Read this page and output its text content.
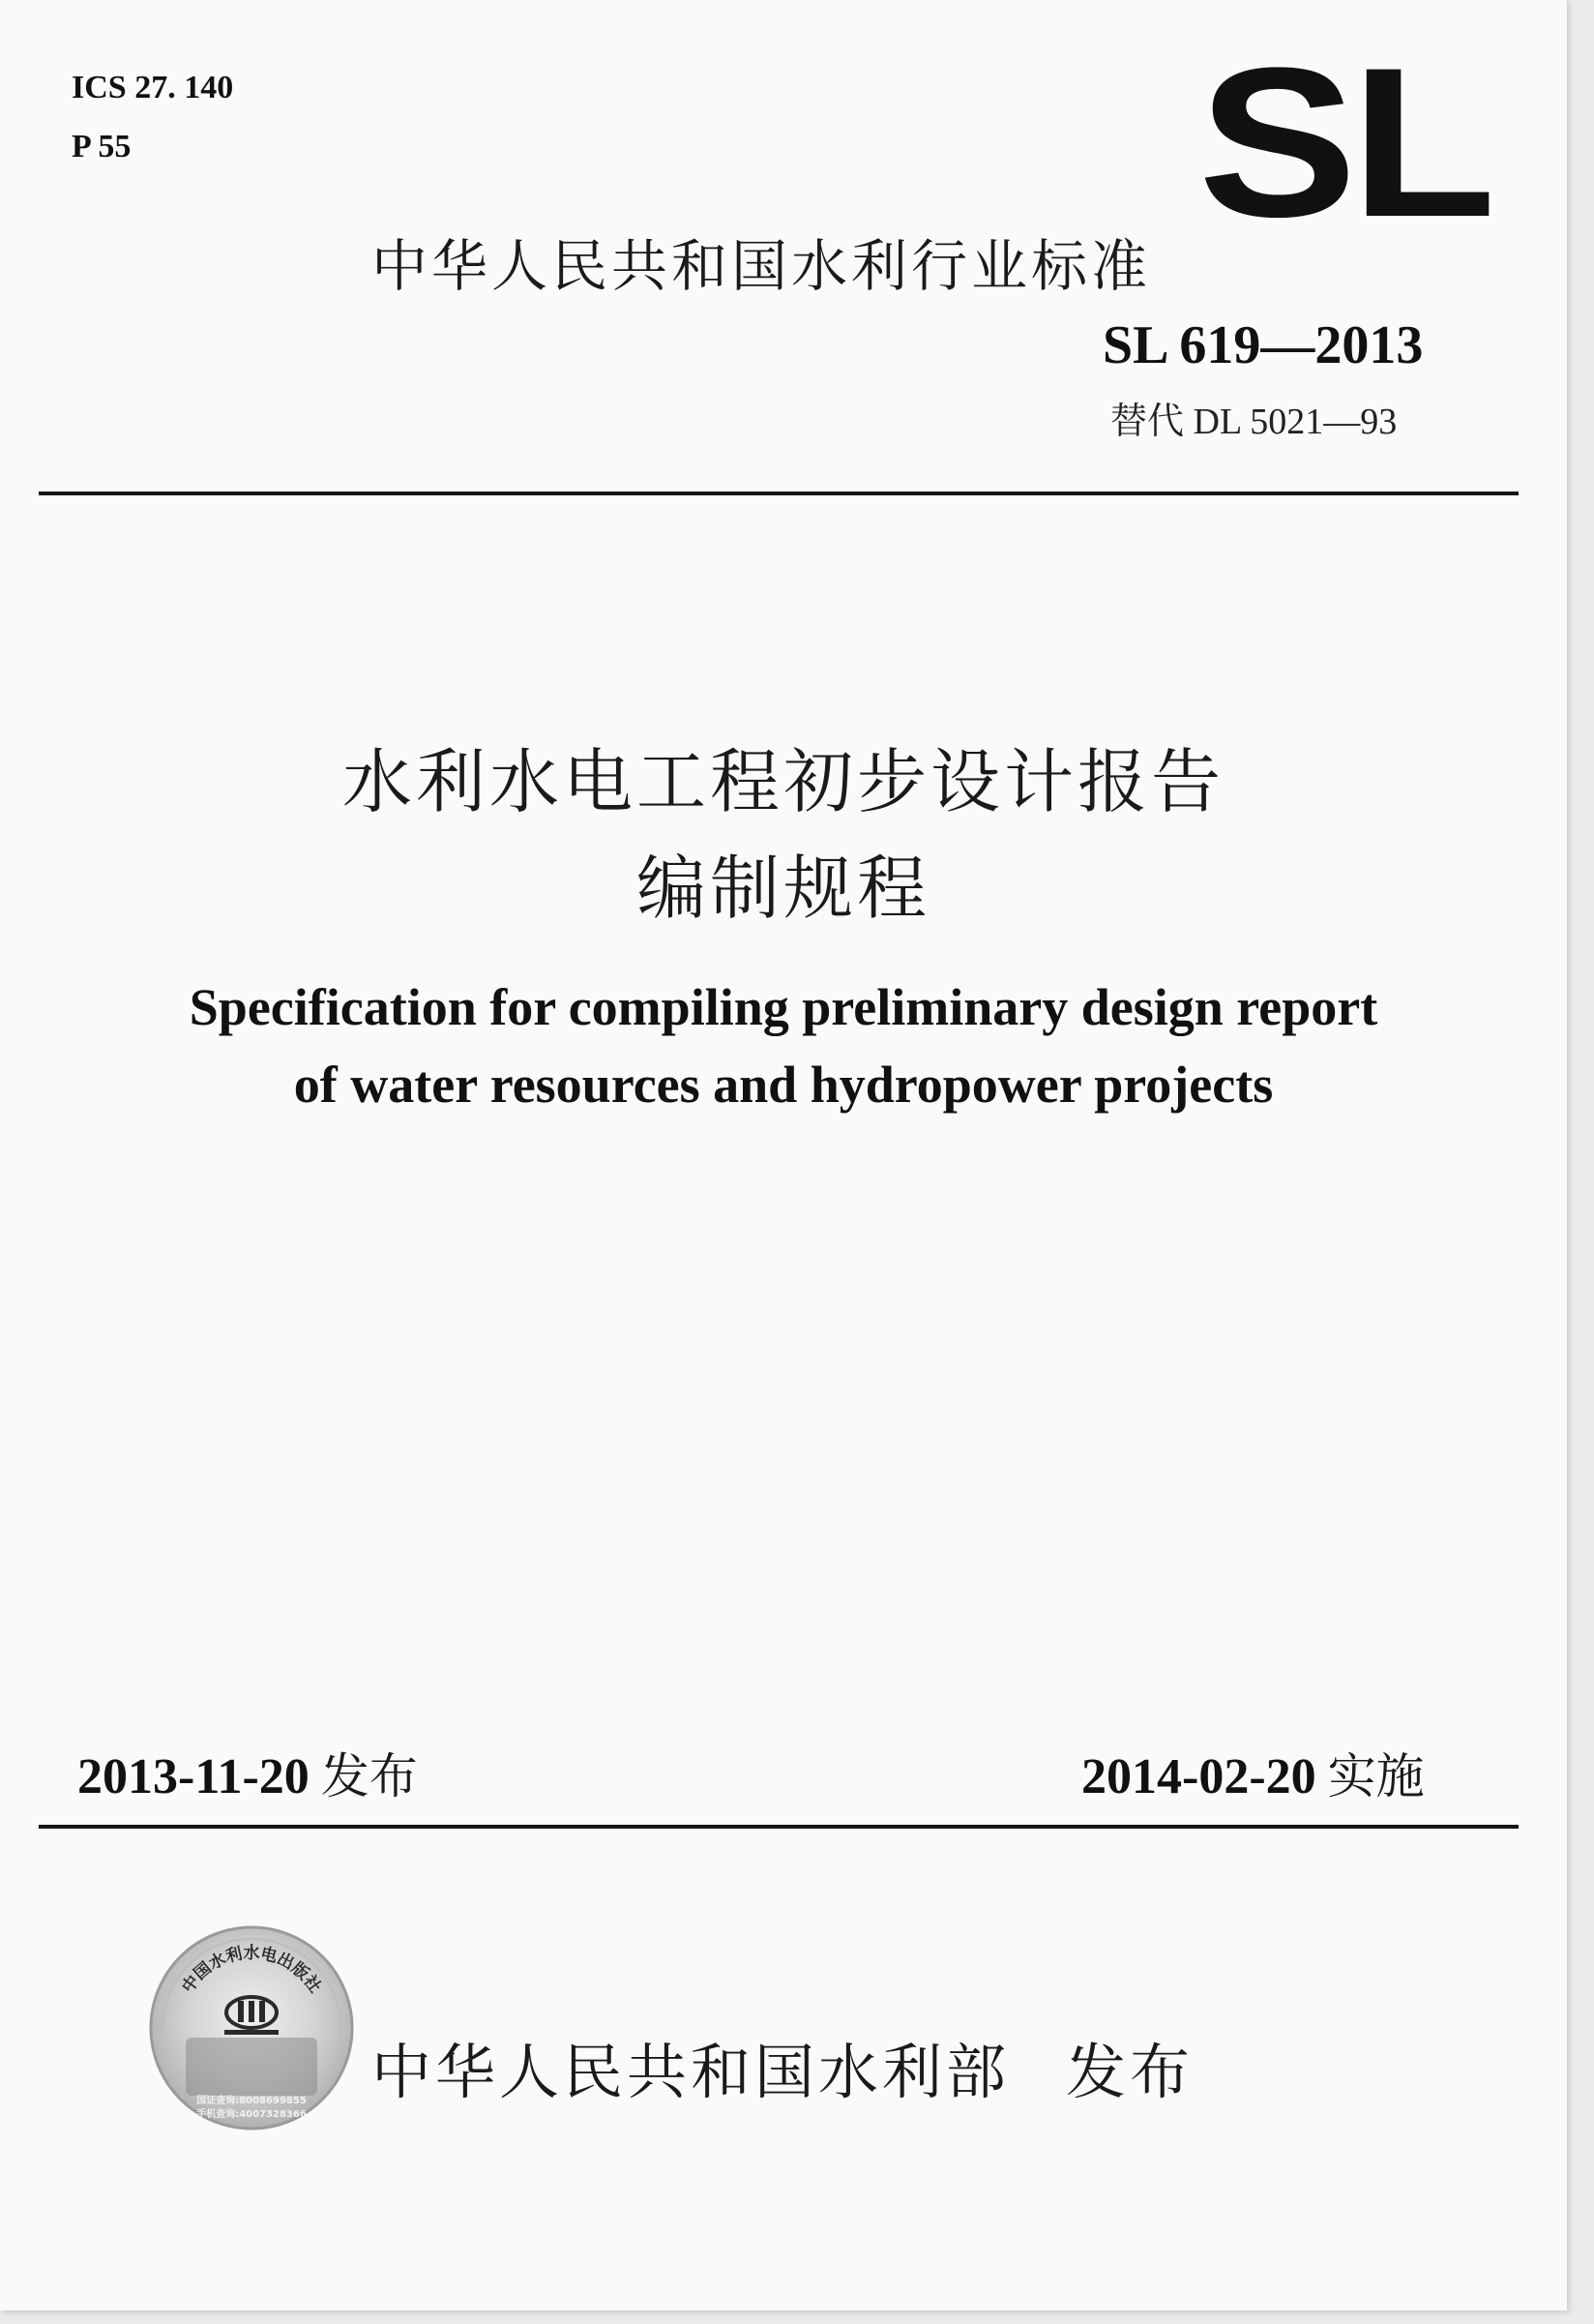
ICS 27. 140
P 55	SL
中华人民共和国水利行业标准
SL 619—2013
替代 DL 5021—93
水利水电工程初步设计报告
编制规程
Specification for compiling preliminary design report
of water resources and hydropower projects
2013-11-20 发布	2014-02-20 实施
中国水利水电出版社
国证查询:8008699855
手机查询:4007328366
中华人民共和国水利部 发布
